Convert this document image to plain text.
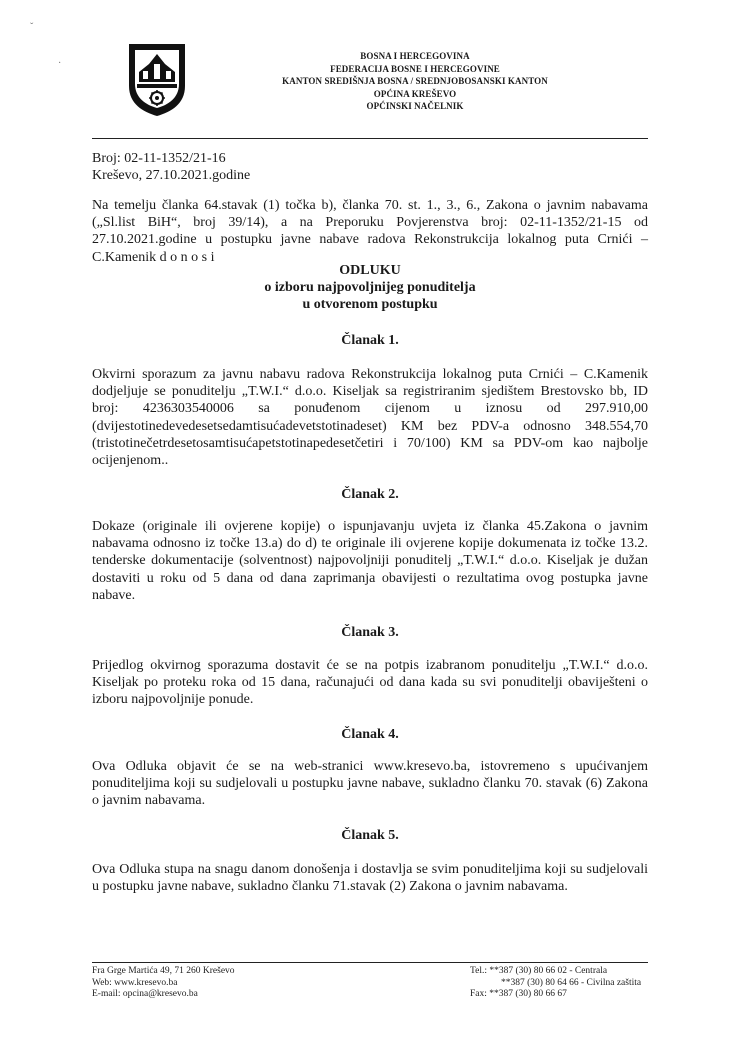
ˇ
·
BOSNA I HERCEGOVINA
FEDERACIJA BOSNE I HERCEGOVINE
KANTON SREDIŠNJA BOSNA / SREDNJOBOSANSKI KANTON
OPĆINA KREŠEVO
OPĆINSKI NAČELNIK
Broj: 02-11-1352/21-16
Kreševo, 27.10.2021.godine
Na temelju članka 64.stavak (1) točka b), članka 70. st. 1., 3., 6., Zakona o javnim nabavama („Sl.list BiH“, broj 39/14), a na Preporuku Povjerenstva broj: 02-11-1352/21-15 od 27.10.2021.godine u postupku javne nabave radova Rekonstrukcija lokalnog puta Crnići – C.Kamenik d o n o s i
ODLUKU
o izboru najpovoljnijeg ponuditelja
u otvorenom postupku
Članak 1.
Okvirni sporazum za javnu nabavu radova Rekonstrukcija lokalnog puta Crnići – C.Kamenik dodjeljuje se ponuditelju „T.W.I.“ d.o.o. Kiseljak sa registriranim sjedištem Brestovsko bb, ID broj: 4236303540006 sa ponuđenom cijenom u iznosu od 297.910,00 (dvijestotinedevedesetsedamtisućadevetstotinadeset) KM bez PDV-a odnosno 348.554,70 (tristotinečetrdesetosamtisućapetstotinapedesetčetiri i 70/100) KM sa PDV-om kao najbolje ocijenjenom..
Članak 2.
Dokaze (originale ili ovjerene kopije) o ispunjavanju uvjeta iz članka 45.Zakona o javnim nabavama odnosno iz točke 13.a) do d) te originale ili ovjerene kopije dokumenata iz točke 13.2. tenderske dokumentacije (solventnost) najpovoljniji ponuditelj „T.W.I.“ d.o.o. Kiseljak je dužan dostaviti u roku od 5 dana od dana zaprimanja obavijesti o rezultatima ovog postupka javne nabave.
Članak 3.
Prijedlog okvirnog sporazuma dostavit će se na potpis izabranom ponuditelju „T.W.I.“ d.o.o. Kiseljak po proteku roka od 15 dana, računajući od dana kada su svi ponuditelji obaviješteni o izboru najpovoljnije ponude.
Članak 4.
Ova Odluka objavit će se na web-stranici www.kresevo.ba, istovremeno s upućivanjem ponuditeljima koji su sudjelovali u postupku javne nabave, sukladno članku 70. stavak (6) Zakona o javnim nabavama.
Članak 5.
Ova Odluka stupa na snagu danom donošenja i dostavlja se svim ponuditeljima koji su sudjelovali u postupku javne nabave, sukladno članku 71.stavak (2) Zakona o javnim nabavama.
Fra Grge Martića 49, 71 260 Kreševo
Web: www.kresevo.ba
E-mail: opcina@kresevo.ba
Tel.: **387 (30) 80 66 02 - Centrala
**387 (30) 80 64 66 - Civilna zaštita
Fax: **387 (30) 80 66 67
